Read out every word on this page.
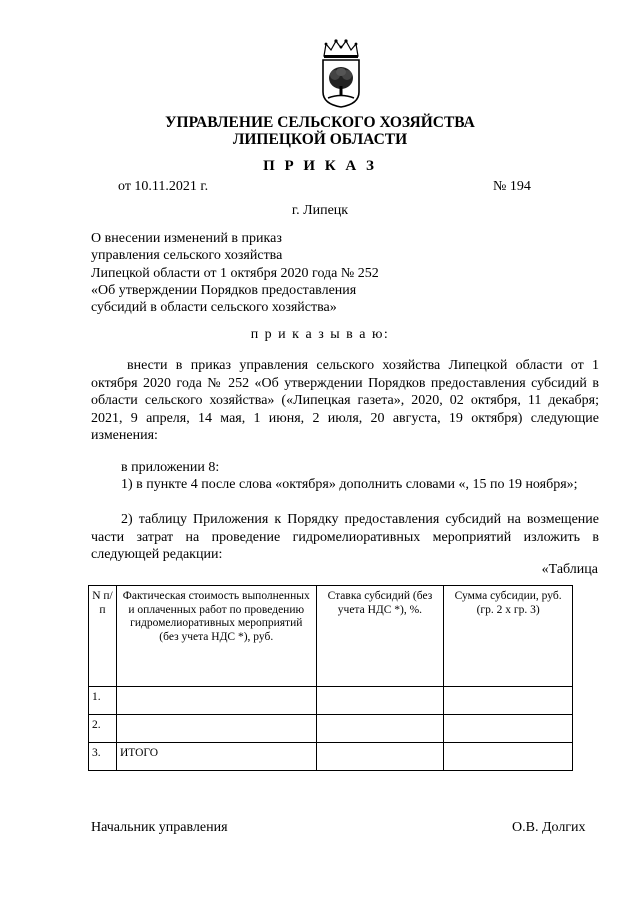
УПРАВЛЕНИЕ СЕЛЬСКОГО ХОЗЯЙСТВА
ЛИПЕЦКОЙ ОБЛАСТИ
П Р И К А З
от 10.11.2021 г.	№ 194
г. Липецк
О внесении изменений в приказ
управления сельского хозяйства
Липецкой области от 1 октября 2020 года № 252
«Об утверждении Порядков предоставления
субсидий в области сельского хозяйства»
п р и к а з ы в а ю:
внести в приказ управления сельского хозяйства Липецкой области от 1 октября 2020 года № 252 «Об утверждении Порядков предоставления субсидий в области сельского хозяйства» («Липецкая газета», 2020, 02 октября, 11 декабря; 2021, 9 апреля, 14 мая, 1 июня, 2 июля, 20 августа, 19 октября) следующие изменения:
в приложении 8:
1) в пункте 4 после слова «октября» дополнить словами «, 15 по 19 ноября»;
2) таблицу Приложения к Порядку предоставления субсидий на возмещение части затрат на проведение гидромелиоративных мероприятий изложить в следующей редакции:
«Таблица
N п/п	Фактическая стоимость выполненных и оплаченных работ по проведению гидромелиоративных мероприятий (без учета НДС *), руб.	Ставка субсидий (без учета НДС *), %.	Сумма субсидии, руб. (гр. 2 х гр. 3)
1.			
2.			
3.	ИТОГО		
Начальник управления	О.В. Долгих
